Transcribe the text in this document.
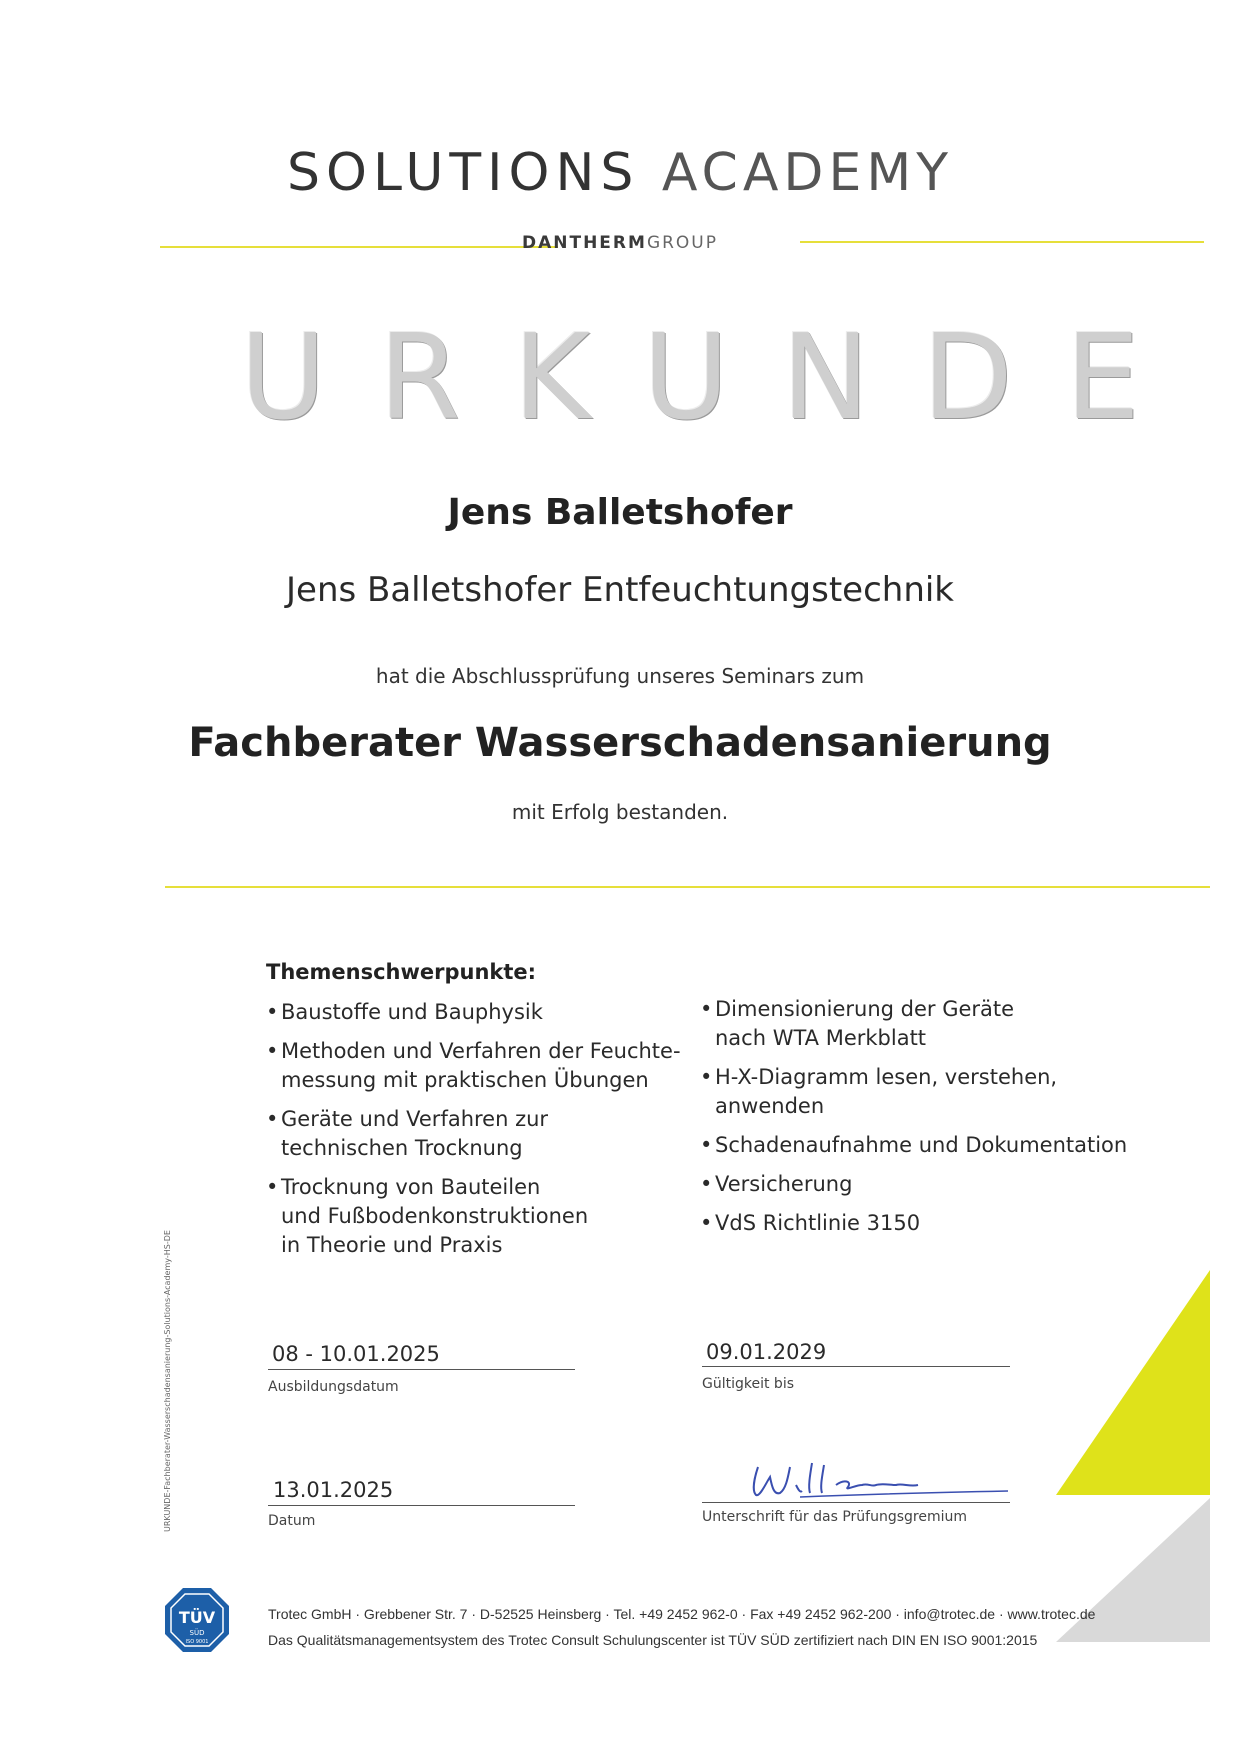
SOLUTIONS ACADEMY
DANTHERMGROUP
U R K U N D E
Jens Balletshofer
Jens Balletshofer Entfeuchtungstechnik
hat die Abschlussprüfung unseres Seminars zum
Fachberater Wasserschadensanierung
mit Erfolg bestanden.
Themenschwerpunkte:
• Baustoffe und Bauphysik
• Methoden und Verfahren der Feuchte-
messung mit praktischen Übungen
• Geräte und Verfahren zur
technischen Trocknung
• Trocknung von Bauteilen
und Fußbodenkonstruktionen
in Theorie und Praxis
• Dimensionierung der Geräte
nach WTA Merkblatt
• H-X-Diagramm lesen, verstehen,
anwenden
• Schadenaufnahme und Dokumentation
• Versicherung
• VdS Richtlinie 3150
URKUNDE-Fachberater-Wasserschadensanierung-Solutions-Academy-HS-DE	08 - 10.01.2025
Ausbildungsdatum
09.01.2029
Gültigkeit bis
13.01.2025
Datum	Unterschrift für das Prüfungsgremium
TÜV
SÜD
ISO 9001
Trotec GmbH · Grebbener Str. 7 · D-52525 Heinsberg · Tel. +49 2452 962-0 · Fax +49 2452 962-200 · info@trotec.de · www.trotec.de
Das Qualitätsmanagementsystem des Trotec Consult Schulungscenter ist TÜV SÜD zertifiziert nach DIN EN ISO 9001:2015
